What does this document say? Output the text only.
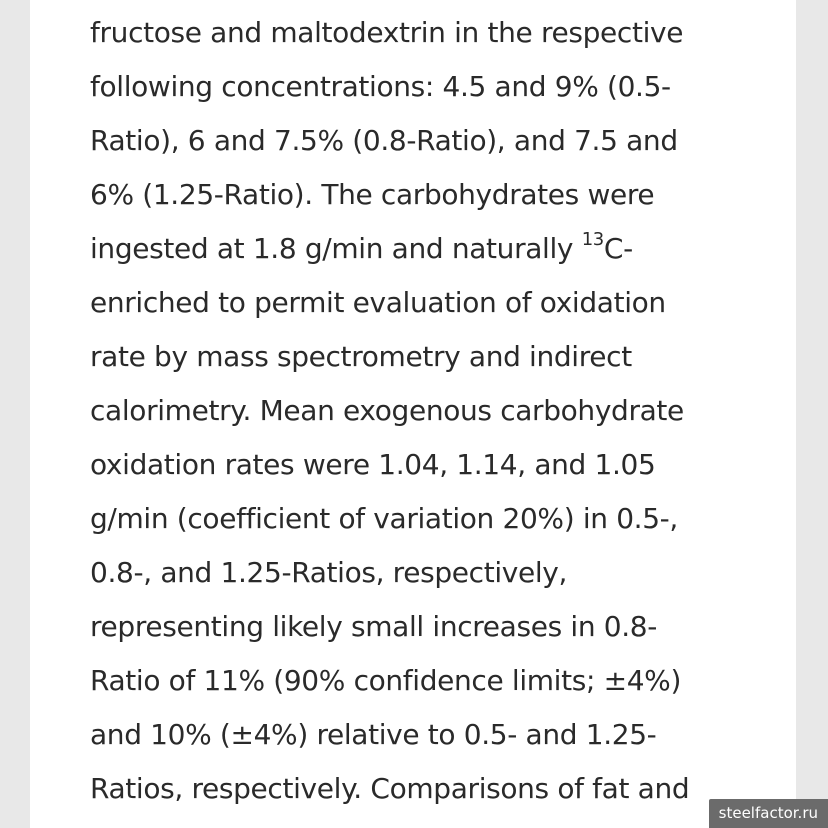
fructose and maltodextrin in the respective
following concentrations: 4.5 and 9% (0.5-
Ratio), 6 and 7.5% (0.8-Ratio), and 7.5 and
6% (1.25-Ratio). The carbohydrates were
ingested at 1.8 g/min and naturally $^{13}$C-
enriched to permit evaluation of oxidation
rate by mass spectrometry and indirect
calorimetry. Mean exogenous carbohydrate
oxidation rates were 1.04, 1.14, and 1.05
g/min (coefficient of variation 20%) in 0.5-,
0.8-, and 1.25-Ratios, respectively,
representing likely small increases in 0.8-
Ratio of 11% (90% confidence limits; ±4%)
and 10% (±4%) relative to 0.5- and 1.25-
Ratios, respectively. Comparisons of fat and

steelfactor.ru
